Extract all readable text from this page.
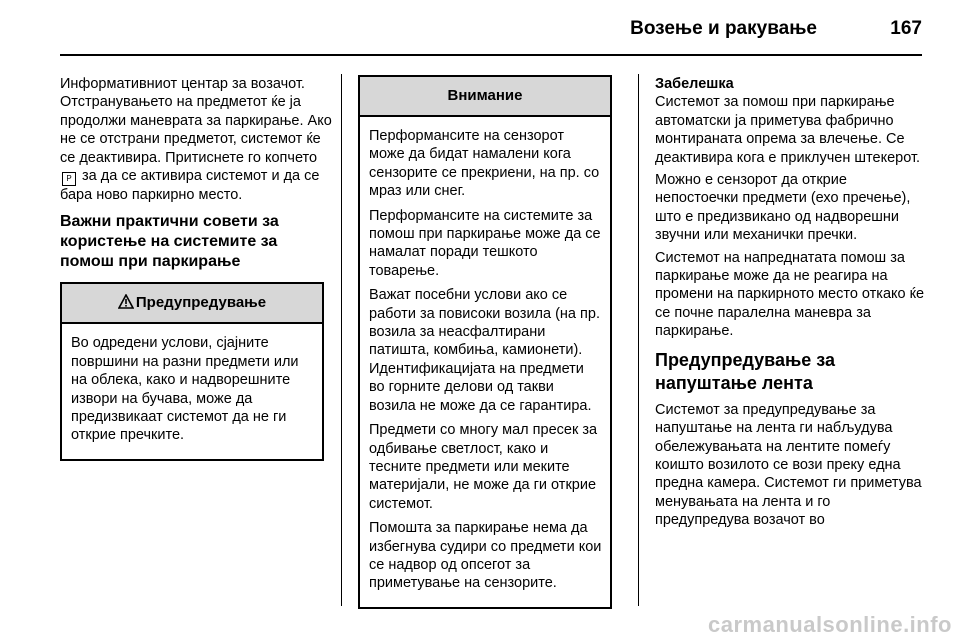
Возење и ракување	167

Информативниот центар за возачот. Отстранувањето на предметот ќе ја продолжи маневрата за паркирање. Ако не се отстрани предметот, системот ќе се деактивира. Притиснете го копчето P за да се активира системот и да се бара ново паркирно место.

Важни практични совети за користење на системите за помош при паркирање
Предупредување

Во одредени услови, сјајните површини на разни предмети или на облека, како и надворешните извори на бучава, може да предизвикаат системот да не ги открие пречките.

Внимание

Перформансите на сензорот може да бидат намалени кога сензорите се прекриени, на пр. со мраз или снег.

Перформансите на системите за помош при паркирање може да се намалат поради тешкото товарење.

Важат посебни услови ако се работи за повисоки возила (на пр. возила за неасфалтирани патишта, комбиња, камионети). Идентификацијата на предмети во горните делови од такви возила не може да се гарантира.

Предмети со многу мал пресек за одбивање светлост, како и тесните предмети или меките материјали, не може да ги открие системот.

Помошта за паркирање нема да избегнува судири со предмети кои се надвор од опсегот за приметување на сензорите.

Забелешка

Системот за помош при паркирање автоматски ја приметува фабрично монтираната опрема за влечење. Се деактивира кога е приклучен штекерот.

Можно е сензорот да открие непостоечки предмети (ехо пречење), што е предизвикано од надворешни звучни или механички пречки.

Системот на напреднатата помош за паркирање може да не реагира на промени на паркирното место откако ќе се почне паралелна маневра за паркирање.

Предупредување за напуштање лента

Системот за предупредување за напуштање на лента ги набљудува обележувањата на лентите помеѓу коишто возилото се вози преку една предна камера. Системот ги приметува менувањата на лента и го предупредува возачот во

carmanualsonline.info
